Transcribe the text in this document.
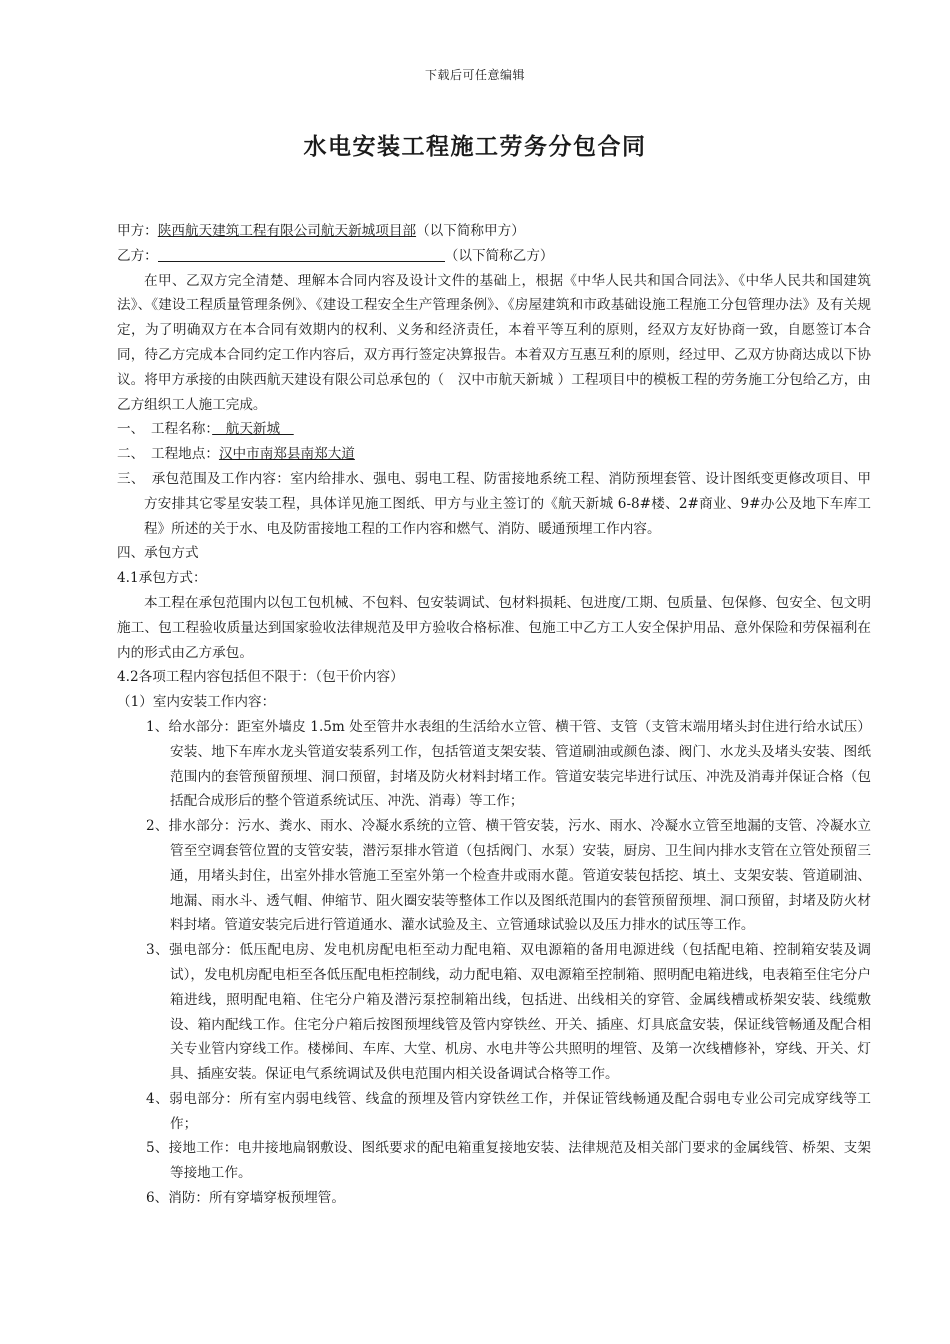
下载后可任意编辑
水电安装工程施工劳务分包合同

甲方：陕西航天建筑工程有限公司航天新城项目部（以下简称甲方）

乙方：	（以下简称乙方）

在甲、乙双方完全清楚、理解本合同内容及设计文件的基础上，根据《中华人民共和国合同法》、《中华人民共和国建筑法》、《建设工程质量管理条例》、《建设工程安全生产管理条例》、《房屋建筑和市政基础设施工程施工分包管理办法》及有关规定，为了明确双方在本合同有效期内的权利、义务和经济责任，本着平等互利的原则，经双方友好协商一致，自愿签订本合同，待乙方完成本合同约定工作内容后，双方再行签定决算报告。本着双方互惠互利的原则，经过甲、乙双方协商达成以下协议。将甲方承接的由陕西航天建设有限公司总承包的（　 汉中市航天新城 ）工程项目中的模板工程的劳务施工分包给乙方，由乙方组织工人施工完成。

一、　工程名称：　航天新城　

二、　工程地点：汉中市南郑县南郑大道

三、　承包范围及工作内容：室内给排水、强电、弱电工程、防雷接地系统工程、消防预埋套管、设计图纸变更修改项目、甲方安排其它零星安装工程，具体详见施工图纸、甲方与业主签订的《航天新城 6-8#楼、2#商业、9#办公及地下车库工程》所述的关于水、电及防雷接地工程的工作内容和燃气、消防、暖通预埋工作内容。

四、承包方式

4.1承包方式：

本工程在承包范围内以包工包机械、不包料、包安装调试、包材料损耗、包进度/工期、包质量、包保修、包安全、包文明施工、包工程验收质量达到国家验收法律规范及甲方验收合格标准、包施工中乙方工人安全保护用品、意外保险和劳保福利在内的形式由乙方承包。

4.2各项工程内容包括但不限于：（包干价内容）

（1）室内安装工作内容：

1、给水部分：距室外墙皮 1.5m 处至管井水表组的生活给水立管、横干管、支管（支管末端用堵头封住进行给水试压）安装、地下车库水龙头管道安装系列工作，包括管道支架安装、管道刷油或颜色漆、阀门、水龙头及堵头安装、图纸范围内的套管预留预埋、洞口预留，封堵及防火材料封堵工作。管道安装完毕进行试压、冲洗及消毒并保证合格（包括配合成形后的整个管道系统试压、冲洗、消毒）等工作；

2、排水部分：污水、粪水、雨水、冷凝水系统的立管、横干管安装，污水、雨水、冷凝水立管至地漏的支管、冷凝水立管至空调套管位置的支管安装，潜污泵排水管道（包括阀门、水泵）安装，厨房、卫生间内排水支管在立管处预留三通，用堵头封住，出室外排水管施工至室外第一个检查井或雨水蓖。管道安装包括挖、填土、支架安装、管道刷油、地漏、雨水斗、透气帽、伸缩节、阻火圈安装等整体工作以及图纸范围内的套管预留预埋、洞口预留，封堵及防火材料封堵。管道安装完后进行管道通水、灌水试验及主、立管通球试验以及压力排水的试压等工作。

3、强电部分：低压配电房、发电机房配电柜至动力配电箱、双电源箱的备用电源进线（包括配电箱、控制箱安装及调试），发电机房配电柜至各低压配电柜控制线，动力配电箱、双电源箱至控制箱、照明配电箱进线，电表箱至住宅分户箱进线，照明配电箱、住宅分户箱及潜污泵控制箱出线，包括进、出线相关的穿管、金属线槽或桥架安装、线缆敷设、箱内配线工作。住宅分户箱后按图预埋线管及管内穿铁丝、开关、插座、灯具底盒安装，保证线管畅通及配合相关专业管内穿线工作。楼梯间、车库、大堂、机房、水电井等公共照明的埋管、及第一次线槽修补，穿线、开关、灯具、插座安装。保证电气系统调试及供电范围内相关设备调试合格等工作。

4、弱电部分：所有室内弱电线管、线盒的预埋及管内穿铁丝工作，并保证管线畅通及配合弱电专业公司完成穿线等工作；

5、接地工作：电井接地扁钢敷设、图纸要求的配电箱重复接地安装、法律规范及相关部门要求的金属线管、桥架、支架等接地工作。

6、消防：所有穿墙穿板预埋管。
